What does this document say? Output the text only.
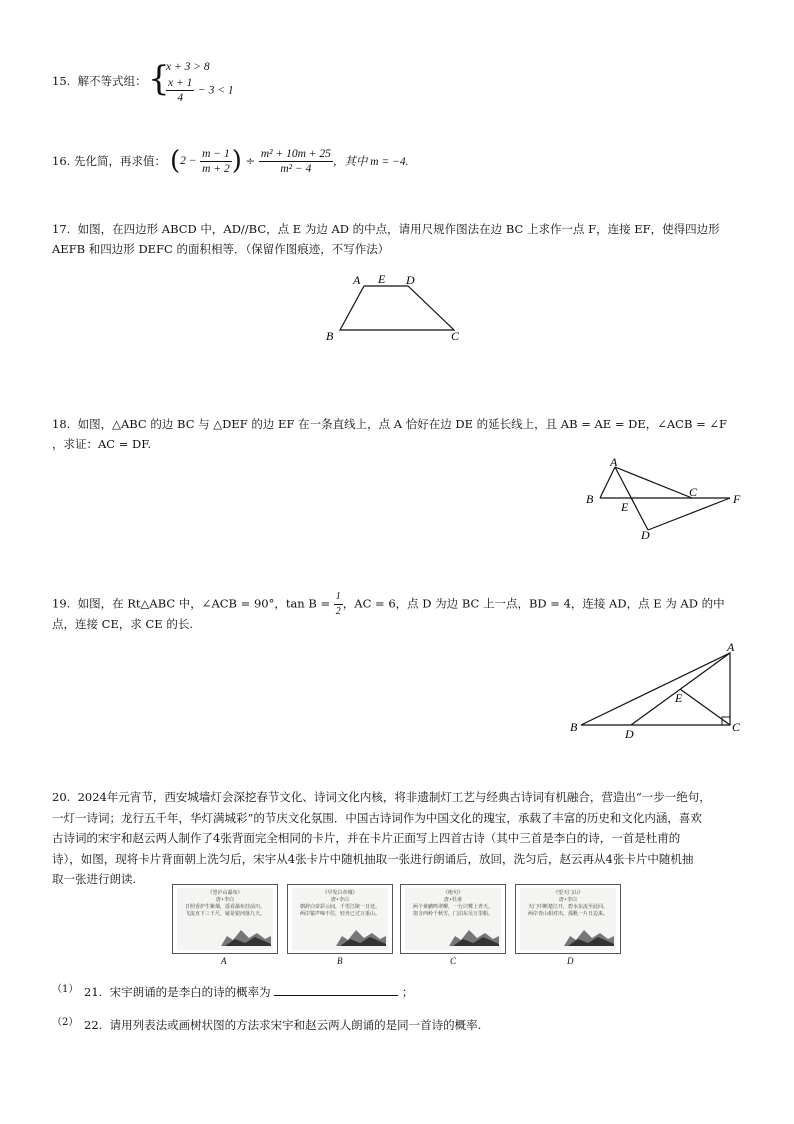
15. 解不等式组： {
x + 3 > 8
$\frac{x + 1}{4} - 3 < 1$
16.
先化简，再求值： ( 2 −
$\frac{m - 1}{m + 2}$ )
÷
$\frac{\text{m² + 10m + 25}}{\text{m² − 4}}$ ，其中 m = −4.
17. 如图，在四边形 ABCD 中，AD//BC，点 E 为边 AD 的中点，请用尺规作图法在边 BC 上求作一点 F，连接 EF，使得四边形
AEFB 和四边形 DEFC 的面积相等．（保留作图痕迹，不写作法）
A E D
B	C
18. 如图，△ABC 的边 BC 与 △DEF 的边 EF 在一条直线上，点 A 恰好在边 DE 的延长线上，且 AB = AE = DE，∠ACB = ∠F
，求证：AC = DF.
A
B	C
E
F
D
19. 如图，在 Rt△ABC 中，∠ACB = 90°，$\tan B = \frac{1}{2}$ ，AC = 6，点 D 为边 BC 上一点，BD = 4，连接 AD，点 E 为 AD 的中
点，连接 CE，求 CE 的长.
A
E
B	D	C
20. 2024年元宵节，西安城墙灯会深挖春节文化、诗词文化内核，将非遗制灯工艺与经典古诗词有机融合，营造出“一步一绝句，
一灯一诗词；龙行五千年，华灯满城彩”的节庆文化氛围．中国古诗词作为中国文化的瑰宝，承载了丰富的历史和文化内涵，喜欢
古诗词的宋宇和赵云两人制作了4张背面完全相同的卡片，并在卡片正面写上四首古诗（其中三首是李白的诗，一首是杜甫的
诗），如图，现将卡片背面朝上洗匀后，宋宇从4张卡片中随机抽取一张进行朗诵后，放回，洗匀后，赵云再从4张卡片中随机抽
取一张进行朗读.
《望庐山瀑布》
唐•李白
日照香炉生紫烟，遥看瀑布挂前川。
飞流直下三千尺，疑是银河落九天。
A
《早发白帝城》
唐•李白
朝辞白帝彩云间，千里江陵一日还。
两岸猿声啼不住，轻舟已过万重山。
B
《绝句》
唐•杜甫
两个黄鹂鸣翠柳，一行白鹭上青天。
窗含西岭千秋雪，门泊东吴万里船。
C
《望天门山》
唐•李白
天门中断楚江开，碧水东流至此回。
两岸青山相对出，孤帆一片日边来。
D
（1） 21. 宋宇朗诵的是李白的诗的概率为	；
（2） 22. 请用列表法或画树状图的方法求宋宇和赵云两人朗诵的是同一首诗的概率.
